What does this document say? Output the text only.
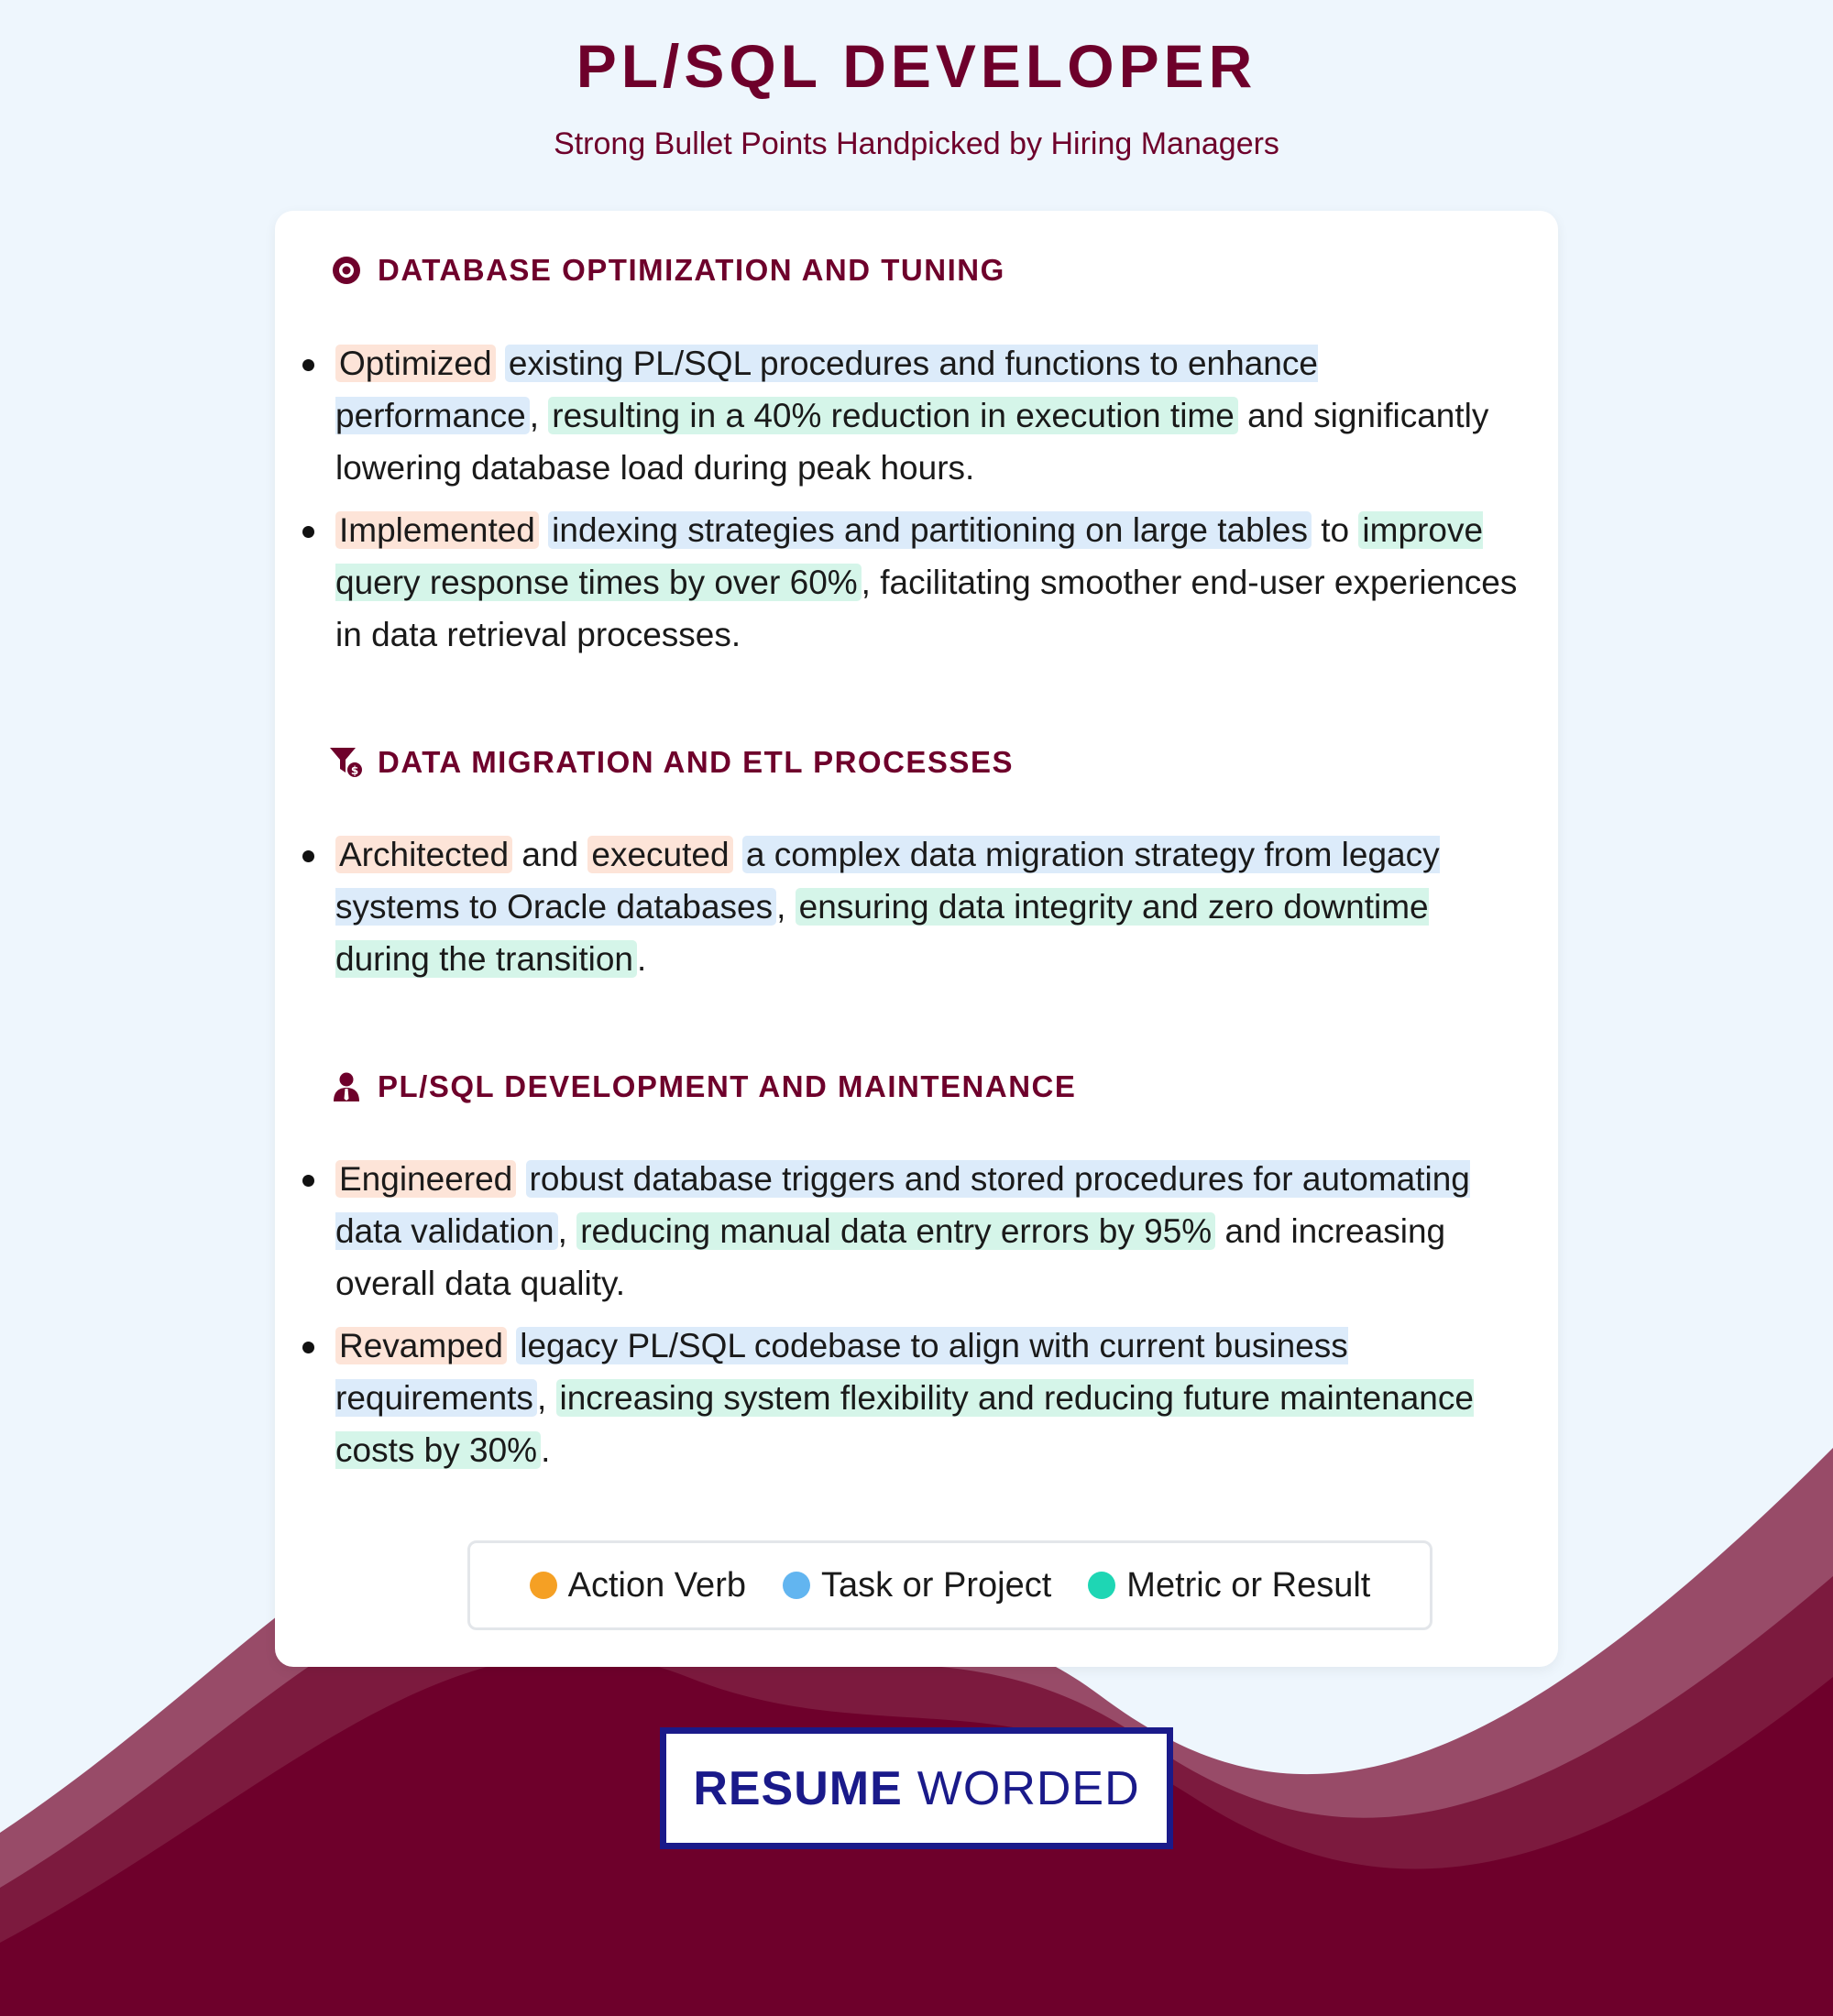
PL/SQL DEVELOPER
Strong Bullet Points Handpicked by Hiring Managers
DATABASE OPTIMIZATION AND TUNING
Optimized existing PL/SQL procedures and functions to enhance performance , resulting in a 40% reduction in execution time and significantly lowering database load during peak hours.
Implemented indexing strategies and partitioning on large tables to improve query response times by over 60% , facilitating smoother end-user experiences in data retrieval processes.
$ DATA MIGRATION AND ETL PROCESSES
Architected and executed a complex data migration strategy from legacy systems to Oracle databases , ensuring data integrity and zero downtime during the transition .
PL/SQL DEVELOPMENT AND MAINTENANCE
Engineered robust database triggers and stored procedures for automating data validation , reducing manual data entry errors by 95% and increasing overall data quality.
Revamped legacy PL/SQL codebase to align with current business requirements , increasing system flexibility and reducing future maintenance costs by 30% .
Action Verb Task or Project Metric or Result
RESUME WORDED
